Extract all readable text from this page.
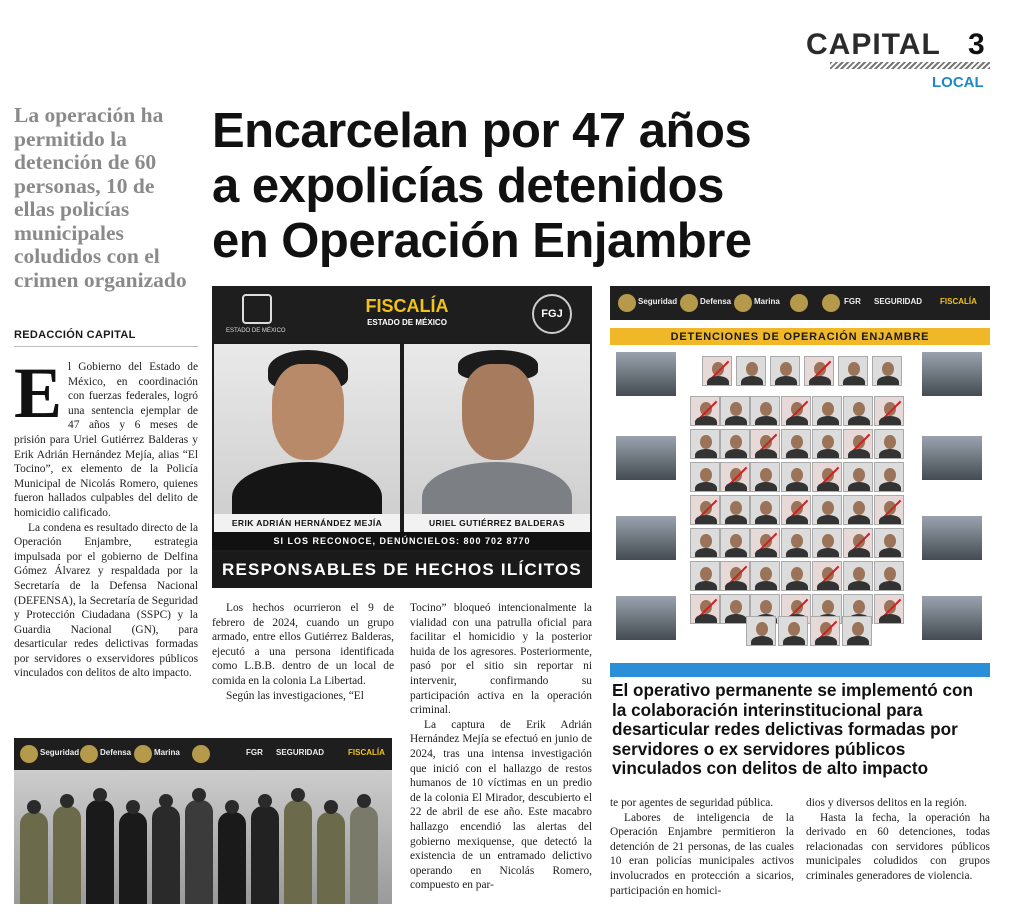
CAPITAL 3
LOCAL
La operación ha permitido la detención de 60 personas, 10 de ellas policías municipales coludidos con el crimen organizado
REDACCIÓN CAPITAL
Encarcelan por 47 años
a expolicías detenidos
en Operación Enjambre

El Gobierno del Estado de México, en coordinación con fuerzas federales, logró una sentencia ejemplar de 47 años y 6 meses de prisión para Uriel Gutiérrez Balderas y Erik Adrián Hernández Mejía, alias “El Tocino”, ex elemento de la Policía Municipal de Nicolás Romero, quienes fueron hallados culpables del delito de homicidio calificado.

La condena es resultado directo de la Operación Enjambre, estrategia impulsada por el gobierno de Delfina Gómez Álvarez y respaldada por la Secretaría de la Defensa Nacional (DEFENSA), la Secretaría de Seguridad y Protección Ciudadana (SSPC) y la Guardia Nacional (GN), para desarticular redes delictivas formadas por servidores o exservidores públicos vinculados con delitos de alto impacto.

ESTADO DE MÉXICO
FISCALÍA
ESTADO DE MÉXICO
FGJ
ERIK ADRIÁN HERNÁNDEZ MEJÍA	URIEL GUTIÉRREZ BALDERAS
SI LOS RECONOCE, DENÚNCIELOS: 800 702 8770
RESPONSABLES DE HECHOS ILÍCITOS

Los hechos ocurrieron el 9 de febrero de 2024, cuando un grupo armado, entre ellos Gutiérrez Balderas, ejecutó a una persona identificada como L.B.B. dentro de un local de comida en la colonia La Libertad.

Según las investigaciones, “El

Tocino” bloqueó intencionalmente la vialidad con una patrulla oficial para facilitar el homicidio y la posterior huida de los agresores. Posteriormente, pasó por el sitio sin reportar ni intervenir, confirmando su participación activa en la operación criminal.

La captura de Erik Adrián Hernández Mejía se efectuó en junio de 2024, tras una intensa investigación que inició con el hallazgo de restos humanos de 10 víctimas en un predio de la colonia El Mirador, descubierto el 22 de abril de ese año. Este macabro hallazgo encendió las alertas del gobierno mexiquense, que detectó la existencia de un entramado delictivo operando en Nicolás Romero, compuesto en par-

Seguridad	Defensa	Marina	FGR SEGURIDAD FISCALÍA
DETENCIONES DE OPERACIÓN ENJAMBRE
El operativo permanente se implementó con la colaboración interinstitucional para desarticular redes delictivas formadas por servidores o ex servidores públicos vinculados con delitos de alto impacto

te por agentes de seguridad pública.

Labores de inteligencia de la Operación Enjambre permitieron la detención de 21 personas, de las cuales 10 eran policías municipales activos involucrados en protección a sicarios, participación en homici-

dios y diversos delitos en la región.

Hasta la fecha, la operación ha derivado en 60 detenciones, todas relacionadas con servidores públicos municipales coludidos con grupos criminales generadores de violencia.

Seguridad	Defensa	Marina	FGR SEGURIDAD	FISCALÍA
